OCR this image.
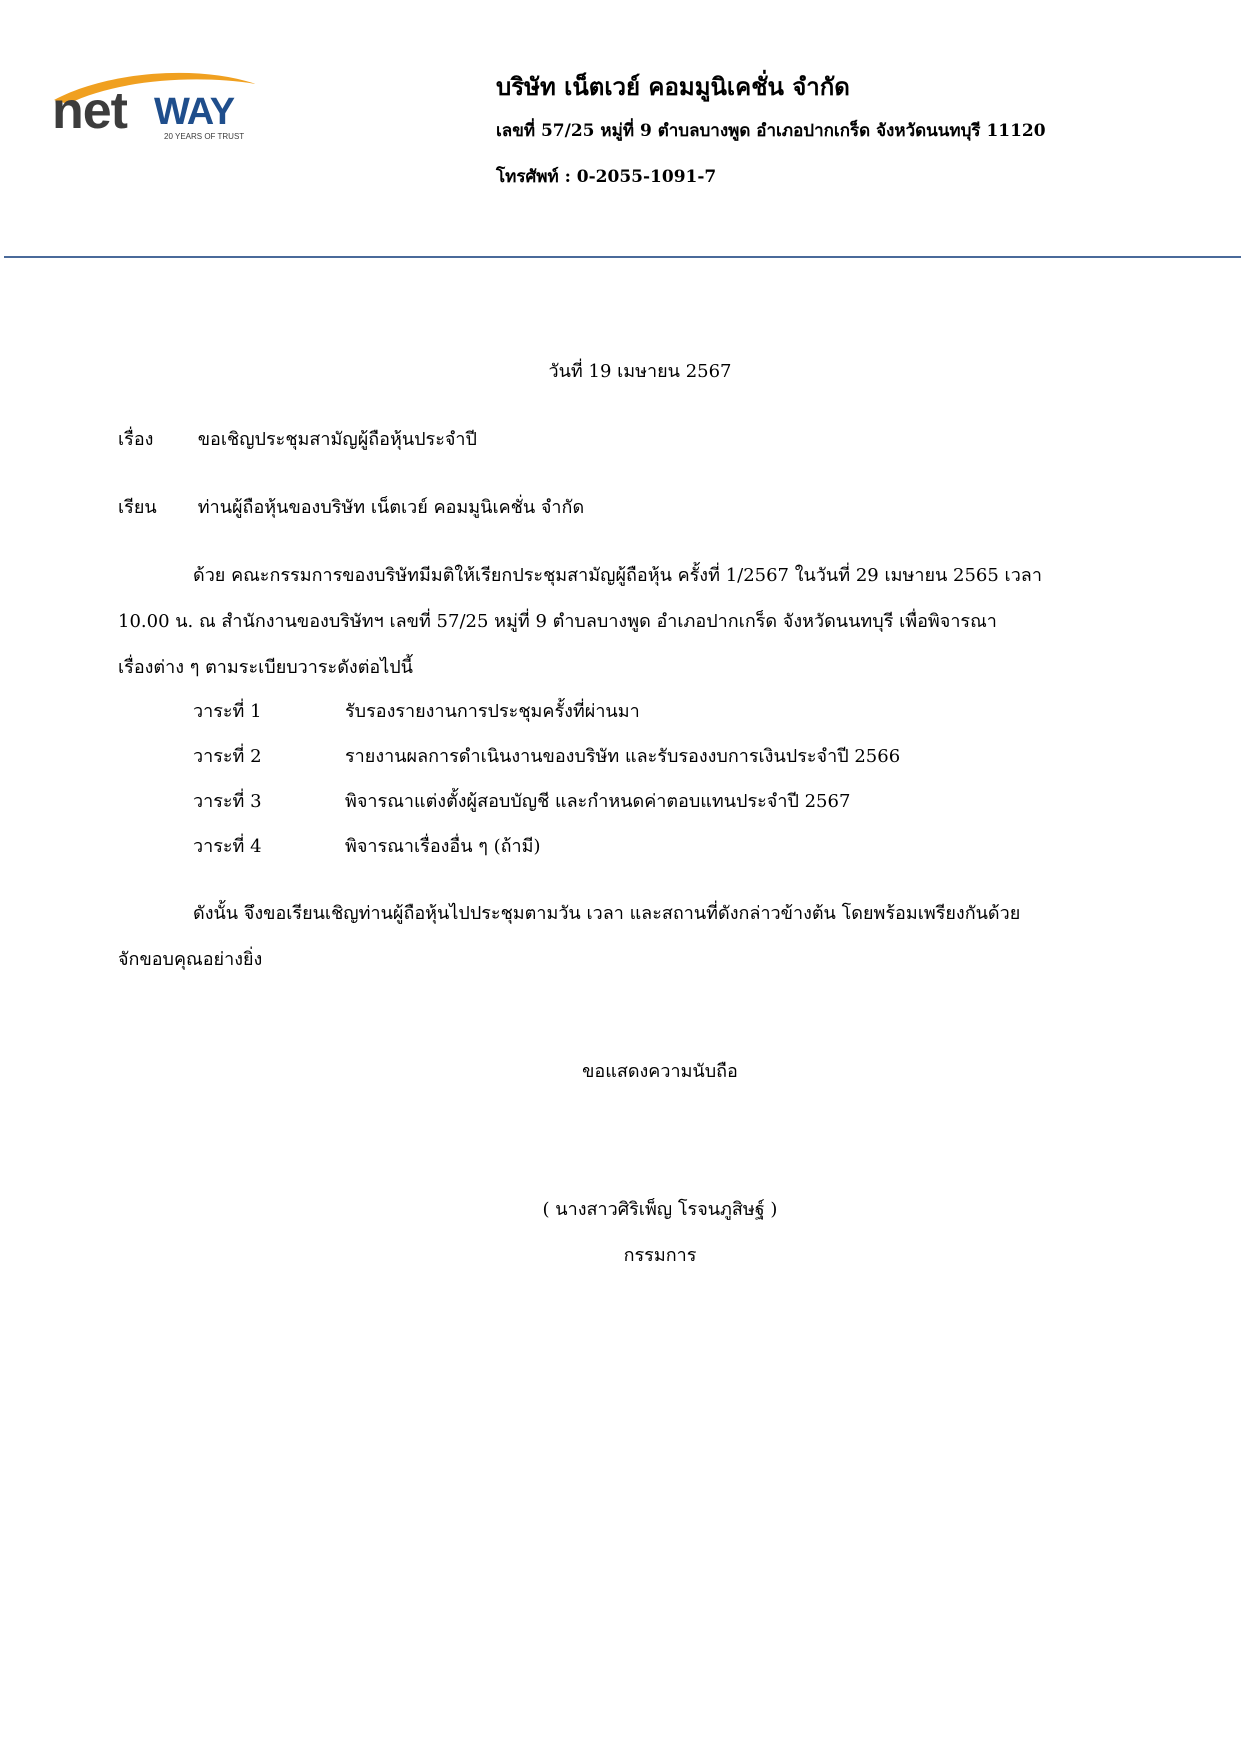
net WAY
20 YEARS OF TRUST
บริษัท เน็ตเวย์ คอมมูนิเคชั่น จำกัด
เลขที่ 57/25 หมู่ที่ 9 ตำบลบางพูด อำเภอปากเกร็ด จังหวัดนนทบุรี 11120
โทรศัพท์ : 0-2055-1091-7
วันที่ 19 เมษายน 2567
เรื่อง ขอเชิญประชุมสามัญผู้ถือหุ้นประจำปี
เรียน ท่านผู้ถือหุ้นของบริษัท เน็ตเวย์ คอมมูนิเคชั่น จำกัด

ด้วย คณะกรรมการของบริษัทมีมติให้เรียกประชุมสามัญผู้ถือหุ้น ครั้งที่ 1/2567 ในวันที่ 29 เมษายน 2565 เวลา
10.00 น. ณ สำนักงานของบริษัทฯ เลขที่ 57/25 หมู่ที่ 9 ตำบลบางพูด อำเภอปากเกร็ด จังหวัดนนทบุรี เพื่อพิจารณา
เรื่องต่าง ๆ ตามระเบียบวาระดังต่อไปนี้

วาระที่ 1	รับรองรายงานการประชุมครั้งที่ผ่านมา
วาระที่ 2	รายงานผลการดำเนินงานของบริษัท และรับรองงบการเงินประจำปี 2566
วาระที่ 3	พิจารณาแต่งตั้งผู้สอบบัญชี และกำหนดค่าตอบแทนประจำปี 2567
วาระที่ 4	พิจารณาเรื่องอื่น ๆ (ถ้ามี)

ดังนั้น จึงขอเรียนเชิญท่านผู้ถือหุ้นไปประชุมตามวัน เวลา และสถานที่ดังกล่าวข้างต้น โดยพร้อมเพรียงกันด้วย
จักขอบคุณอย่างยิ่ง

ขอแสดงความนับถือ
( นางสาวศิริเพ็ญ โรจนภูสิษฐ์ )
กรรมการ
